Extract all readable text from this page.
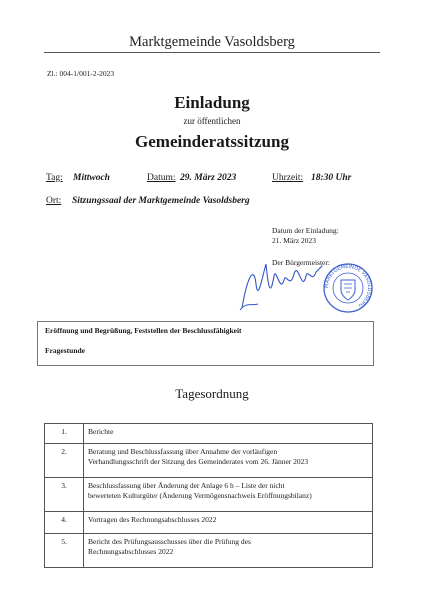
Marktgemeinde Vasoldsberg
Zl.: 004-1/001-2-2023
Einladung
zur öffentlichen
Gemeinderatssitzung
Tag: Mittwoch	Datum: 29. März 2023	Uhrzeit: 18:30 Uhr
Ort: Sitzungssaal der Marktgemeinde Vasoldsberg
Datum der Einladung:
21. März 2023
Der Bürgermeister:
MARKTGEMEINDE VASOLDSBERG
Eröffnung und Begrüßung, Feststellen der Beschlussfähigkeit
Fragestunde
Tagesordnung
1.	Berichte

2.	Beratung und Beschlussfassung über Annahme der vorläufigen
Verhandlungsschrift der Sitzung des Gemeinderates vom 26. Jänner 2023

3.	Beschlussfassung über Änderung der Anlage 6 h – Liste der nicht
bewerteten Kulturgüter (Änderung Vermögensnachweis Eröffnungsbilanz)

4.	Vortragen des Rechnungsabschlusses 2022

5.	Bericht des Prüfungsausschusses über die Prüfung des
Rechnungsabschlusses 2022
